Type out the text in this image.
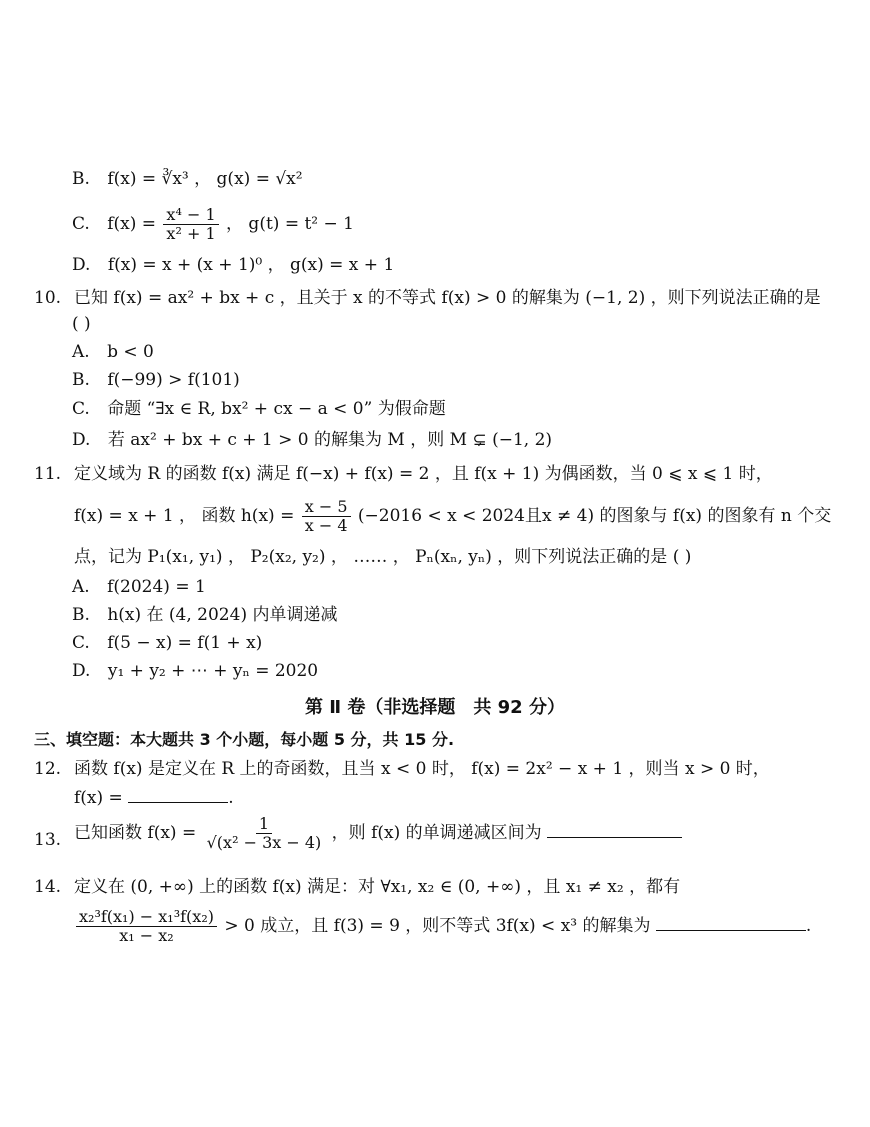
B. f(x) = ∛x³ ， g(x) = √x²
C. $f(x) = \frac{\text{x⁴ − 1}}{\text{x² + 1}}$ ， g(t) = t² − 1
D. f(x) = x + (x + 1)⁰ ， g(x) = x + 1
10. 已知 f(x) = ax² + bx + c ，且关于 x 的不等式 f(x) > 0 的解集为 (−1, 2) ，则下列说法正确的是
( )
A. b < 0
B. f(−99) > f(101)
C. 命题 “∃x ∈ R, bx² + cx − a < 0” 为假命题
D. 若 ax² + bx + c + 1 > 0 的解集为 M ，则 M ⊊ (−1, 2)
11. 定义域为 R 的函数 f(x) 满足 f(−x) + f(x) = 2 ，且 f(x + 1) 为偶函数，当 0 ⩽ x ⩽ 1 时，
f(x) = x + 1 ， 函数 $h(x) = \frac{x - 5}{x - 4} (-2016 < x < 2024$且x ≠ 4) 的图象与 f(x) 的图象有 n 个交
点，记为 P₁(x₁, y₁) ， P₂(x₂, y₂) ， …… ， Pₙ(xₙ, yₙ) ，则下列说法正确的是 ( )
A. f(2024) = 1
B. h(x) 在 (4, 2024) 内单调递减
C. f(5 − x) = f(1 + x)
D. y₁ + y₂ + ⋯ + yₙ = 2020
第 Ⅱ 卷（非选择题　共 92 分）
三、填空题：本大题共 3 个小题，每小题 5 分，共 15 分.
12. 函数 f(x) 是定义在 R 上的奇函数，且当 x < 0 时， f(x) = 2x² − x + 1 ，则当 x > 0 时，
f(x) =	.
13. 已知函数 $f(x) = \frac{1}{\text{√(x² − 3x − 4)}}$ ，则 f(x) 的单调递减区间为
14. 定义在 (0, +∞) 上的函数 f(x) 满足：对 ∀x₁, x₂ ∈ (0, +∞) ，且 x₁ ≠ x₂ ，都有
$\frac{\text{x₂³f(x₁) − x₁³f(x₂)}}{\text{x₁ − x₂}} > 0$ 成立，且 f(3) = 9 ，则不等式 3f(x) < x³ 的解集为	.
